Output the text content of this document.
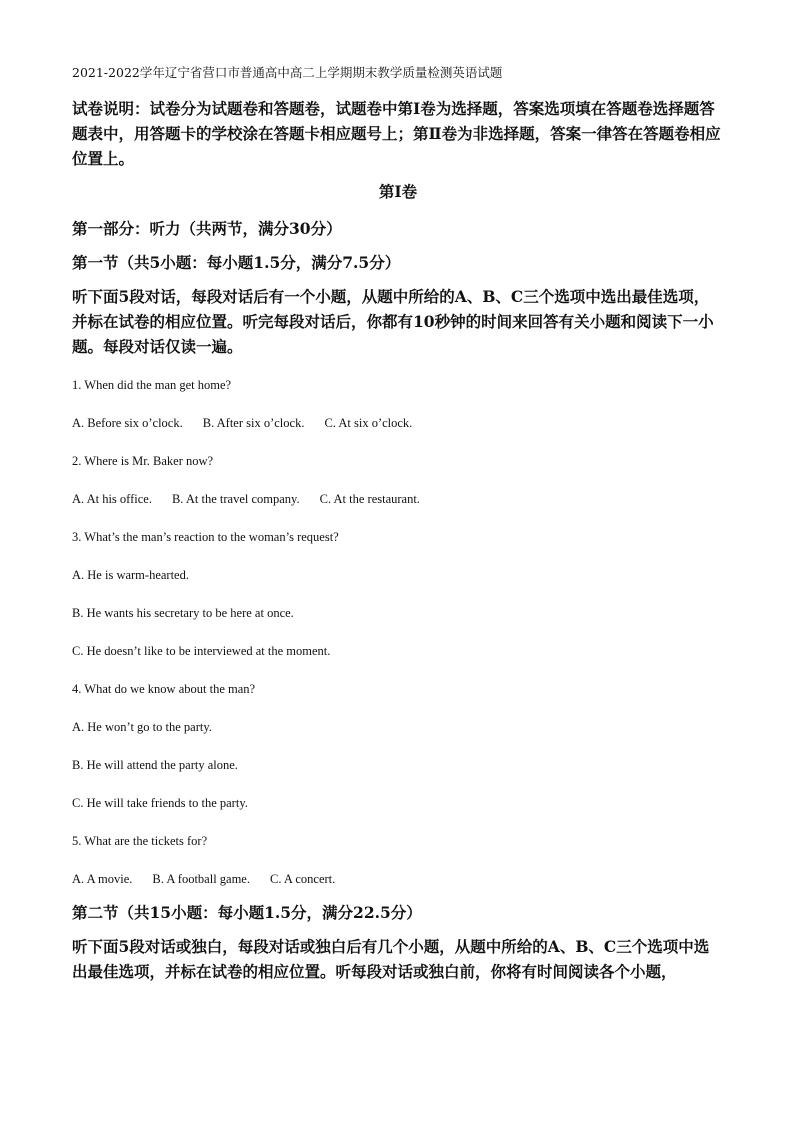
2021-2022学年辽宁省营口市普通高中高二上学期期末教学质量检测英语试题
试卷说明：试卷分为试题卷和答题卷，试题卷中第Ⅰ卷为选择题，答案选项填在答题卷选择题答题表中，用答题卡的学校涂在答题卡相应题号上；第Ⅱ卷为非选择题，答案一律答在答题卷相应位置上。
第Ⅰ卷
第一部分：听力（共两节，满分30分）
第一节（共5小题：每小题1.5分，满分7.5分）
听下面5段对话，每段对话后有一个小题，从题中所给的A、B、C三个选项中选出最佳选项，并标在试卷的相应位置。听完每段对话后，你都有10秒钟的时间来回答有关小题和阅读下一小题。每段对话仅读一遍。
1. When did the man get home?
A. Before six o’clock. B. After six o’clock. C. At six o’clock.
2. Where is Mr. Baker now?
A. At his office. B. At the travel company. C. At the restaurant.
3. What’s the man’s reaction to the woman’s request?
A. He is warm-hearted.
B. He wants his secretary to be here at once.
C. He doesn’t like to be interviewed at the moment.
4. What do we know about the man?
A. He won’t go to the party.
B. He will attend the party alone.
C. He will take friends to the party.
5. What are the tickets for?
A. A movie. B. A football game. C. A concert.
第二节（共15小题：每小题1.5分，满分22.5分）
听下面5段对话或独白，每段对话或独白后有几个小题，从题中所给的A、B、C三个选项中选出最佳选项，并标在试卷的相应位置。听每段对话或独白前，你将有时间阅读各个小题，
